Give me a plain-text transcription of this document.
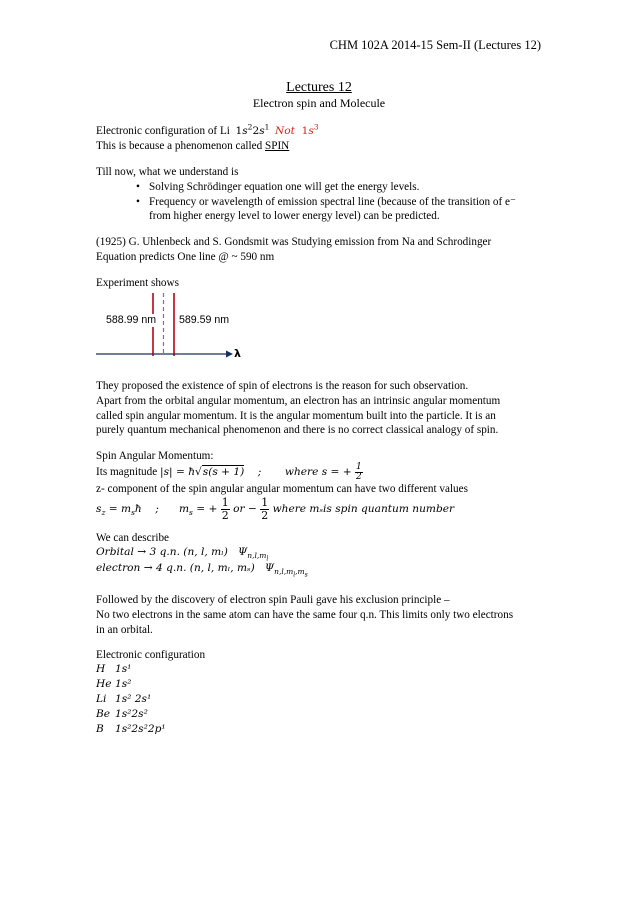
CHM 102A 2014-15 Sem-II (Lectures 12)
Lectures 12
Electron spin and Molecule
Electronic configuration of Li $1s^22s^1$ Not  $1s^3$
This is because a phenomenon called SPIN
Till now, what we understand is
• Solving Schrödinger equation one will get the energy levels.
• Frequency or wavelength of emission spectral line (because of the transition of e⁻
from higher energy level to lower energy level) can be predicted.
(1925) G. Uhlenbeck and S. Gondsmit was Studying emission from Na and Schrodinger
Equation predicts One line @ ~ 590 nm
Experiment shows
588.99 nm 589.59 nm
λ
They proposed the existence of spin of electrons is the reason for such observation.
Apart from the orbital angular momentum, an electron has an intrinsic angular momentum
called spin angular momentum. It is the angular momentum built into the particle. It is an
purely quantum mechanical phenomenon and there is no correct classical analogy of spin.
Spin Angular Momentum:
Its magnitude |s| = ħ√s(s + 1)    ;       where s = + $\frac{1}{2}$
z- component of the spin angular angular momentum can have two different values
$s_z$ = $m_sħ$    ;      $m_s$ = + $\frac{1}{2}$ or − $\frac{1}{2}$ where mₛis spin quantum number
We can describe
Orbital → 3 q.n. (n, l, mₗ)   $\Psi_{n,l,m_l}$
electron → 4 q.n. (n, l, mₗ, mₛ)   $\Psi_{n,l,m_l,m_s}$
Followed by the discovery of electron spin Pauli gave his exclusion principle –
No two electrons in the same atom can have the same four q.n. This limits only two electrons
in an orbital.
Electronic configuration
H 1s¹
He 1s²
Li 1s² 2s¹
Be 1s²2s²
B 1s²2s²2p¹
